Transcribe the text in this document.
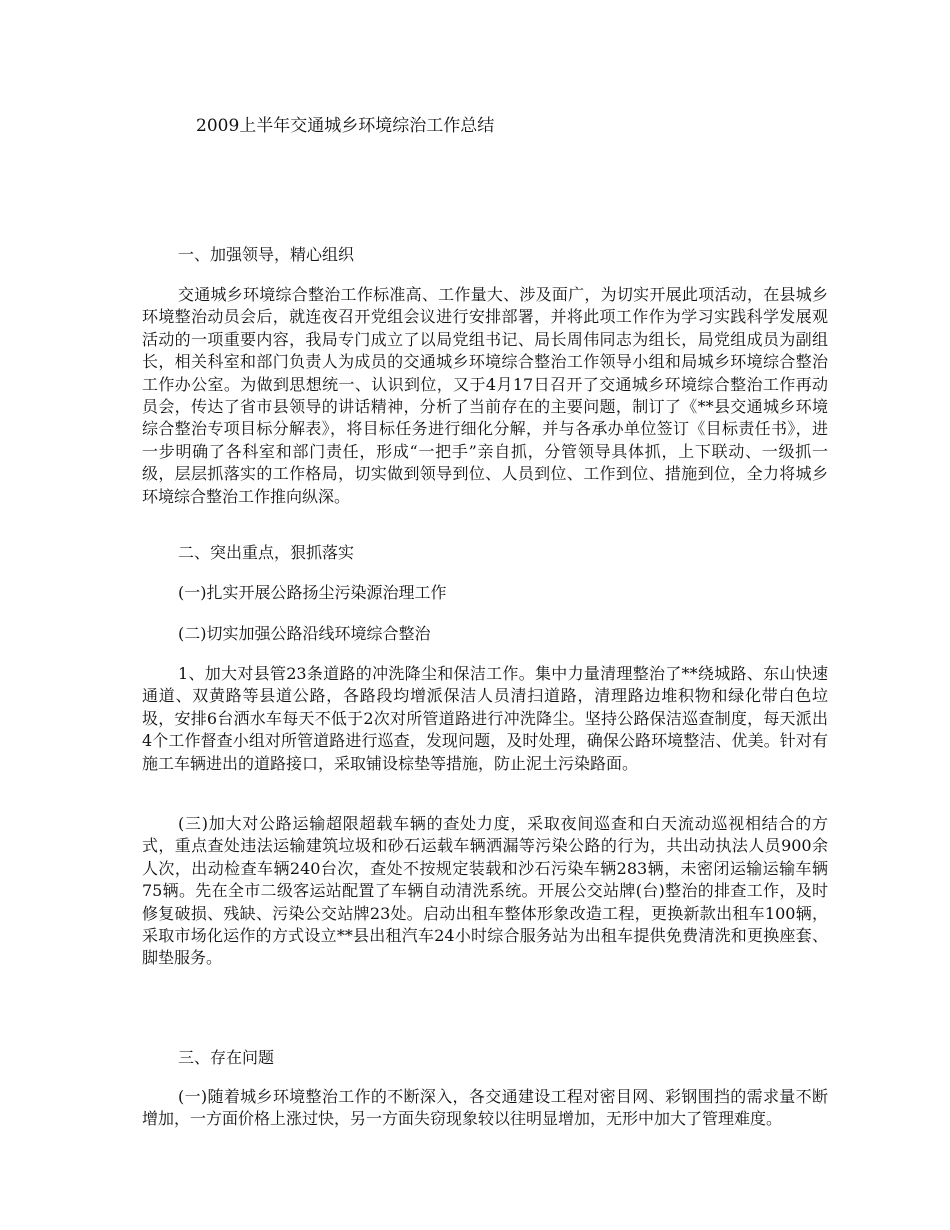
2009上半年交通城乡环境综治工作总结

一、加强领导，精心组织

交通城乡环境综合整治工作标准高、工作量大、涉及面广，为切实开展此项活动，在县城乡环境整治动员会后，就连夜召开党组会议进行安排部署，并将此项工作作为学习实践科学发展观活动的一项重要内容，我局专门成立了以局党组书记、局长周伟同志为组长，局党组成员为副组长，相关科室和部门负责人为成员的交通城乡环境综合整治工作领导小组和局城乡环境综合整治工作办公室。为做到思想统一、认识到位，又于4月17日召开了交通城乡环境综合整治工作再动员会，传达了省市县领导的讲话精神，分析了当前存在的主要问题，制订了《**县交通城乡环境综合整治专项目标分解表》，将目标任务进行细化分解，并与各承办单位签订《目标责任书》，进一步明确了各科室和部门责任，形成“一把手”亲自抓，分管领导具体抓，上下联动、一级抓一级，层层抓落实的工作格局，切实做到领导到位、人员到位、工作到位、措施到位，全力将城乡环境综合整治工作推向纵深。

二、突出重点，狠抓落实

(一)扎实开展公路扬尘污染源治理工作

(二)切实加强公路沿线环境综合整治

1、加大对县管23条道路的冲洗降尘和保洁工作。集中力量清理整治了**绕城路、东山快速通道、双黄路等县道公路，各路段均增派保洁人员清扫道路，清理路边堆积物和绿化带白色垃圾，安排6台洒水车每天不低于2次对所管道路进行冲洗降尘。坚持公路保洁巡查制度，每天派出4个工作督查小组对所管道路进行巡查，发现问题，及时处理，确保公路环境整洁、优美。针对有施工车辆进出的道路接口，采取铺设棕垫等措施，防止泥土污染路面。

(三)加大对公路运输超限超载车辆的查处力度，采取夜间巡查和白天流动巡视相结合的方式，重点查处违法运输建筑垃圾和砂石运载车辆洒漏等污染公路的行为，共出动执法人员900余人次，出动检查车辆240台次，查处不按规定装载和沙石污染车辆283辆，未密闭运输运输车辆75辆。先在全市二级客运站配置了车辆自动清洗系统。开展公交站牌(台)整治的排查工作，及时修复破损、残缺、污染公交站牌23处。启动出租车整体形象改造工程，更换新款出租车100辆，采取市场化运作的方式设立**县出租汽车24小时综合服务站为出租车提供免费清洗和更换座套、脚垫服务。

三、存在问题

(一)随着城乡环境整治工作的不断深入，各交通建设工程对密目网、彩钢围挡的需求量不断增加，一方面价格上涨过快，另一方面失窃现象较以往明显增加，无形中加大了管理难度。
